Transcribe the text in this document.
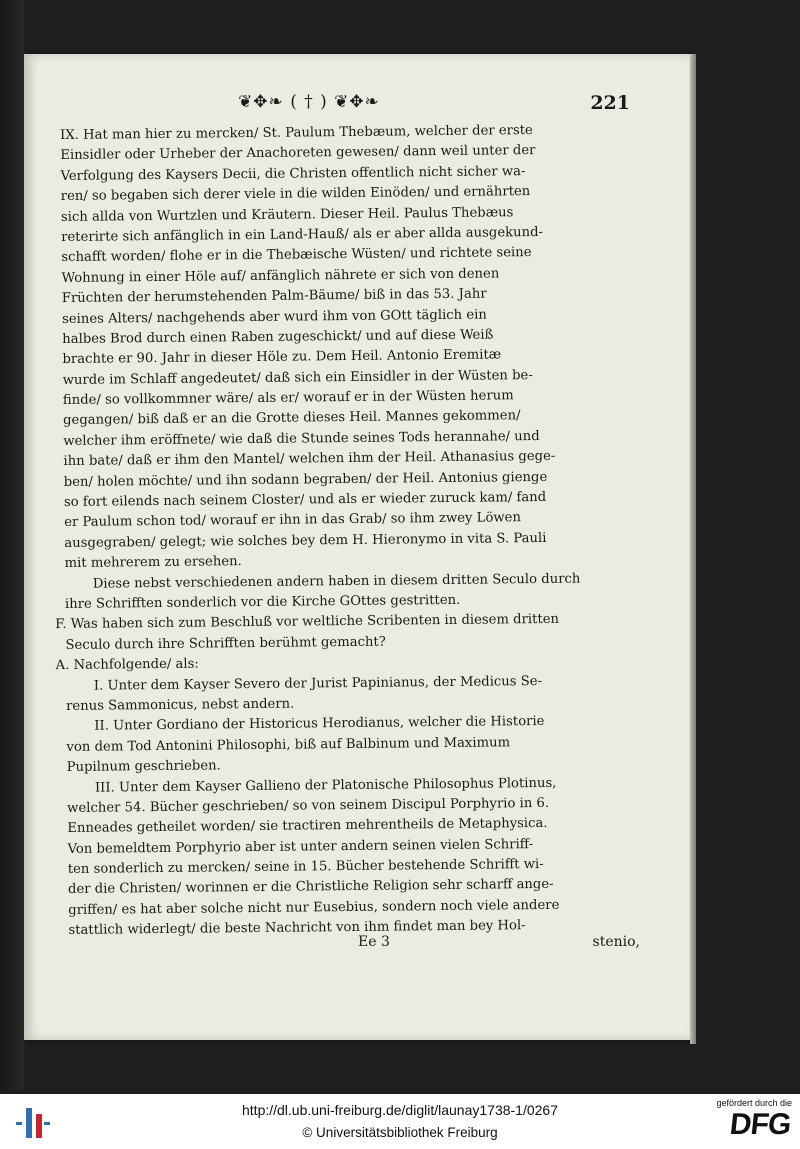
❦✥❧ ( † ) ❦✥❧	221
IX. Hat man hier zu mercken/ St. Paulum Thebæum, welcher der erste
Einsidler oder Urheber der Anachoreten gewesen/ dann weil unter der
Verfolgung des Kaysers Decii, die Christen offentlich nicht sicher wa-
ren/ so begaben sich derer viele in die wilden Einöden/ und ernährten
sich allda von Wurtzlen und Kräutern. Dieser Heil. Paulus Thebæus
reterirte sich anfänglich in ein Land-Hauß/ als er aber allda ausgekund-
schafft worden/ flohe er in die Thebæische Wüsten/ und richtete seine
Wohnung in einer Höle auf/ anfänglich nährete er sich von denen
Früchten der herumstehenden Palm-Bäume/ biß in das 53. Jahr
seines Alters/ nachgehends aber wurd ihm von GOtt täglich ein
halbes Brod durch einen Raben zugeschickt/ und auf diese Weiß
brachte er 90. Jahr in dieser Höle zu. Dem Heil. Antonio Eremitæ
wurde im Schlaff angedeutet/ daß sich ein Einsidler in der Wüsten be-
finde/ so vollkommner wäre/ als er/ worauf er in der Wüsten herum
gegangen/ biß daß er an die Grotte dieses Heil. Mannes gekommen/
welcher ihm eröffnete/ wie daß die Stunde seines Tods herannahe/ und
ihn bate/ daß er ihm den Mantel/ welchen ihm der Heil. Athanasius gege-
ben/ holen möchte/ und ihn sodann begraben/ der Heil. Antonius gienge
so fort eilends nach seinem Closter/ und als er wieder zuruck kam/ fand
er Paulum schon tod/ worauf er ihn in das Grab/ so ihm zwey Löwen
ausgegraben/ gelegt; wie solches bey dem H. Hieronymo in vita S. Pauli
mit mehrerem zu ersehen.
Diese nebst verschiedenen andern haben in diesem dritten Seculo durch
ihre Schrifften sonderlich vor die Kirche GOttes gestritten.
F. Was haben sich zum Beschluß vor weltliche Scribenten in diesem dritten
Seculo durch ihre Schrifften berühmt gemacht?
A. Nachfolgende/ als:
I. Unter dem Kayser Severo der Jurist Papinianus, der Medicus Se-
renus Sammonicus, nebst andern.
II. Unter Gordiano der Historicus Herodianus, welcher die Historie
von dem Tod Antonini Philosophi, biß auf Balbinum und Maximum
Pupilnum geschrieben.
III. Unter dem Kayser Gallieno der Platonische Philosophus Plotinus,
welcher 54. Bücher geschrieben/ so von seinem Discipul Porphyrio in 6.
Enneades getheilet worden/ sie tractiren mehrentheils de Metaphysica.
Von bemeldtem Porphyrio aber ist unter andern seinen vielen Schriff-
ten sonderlich zu mercken/ seine in 15. Bücher bestehende Schrifft wi-
der die Christen/ worinnen er die Christliche Religion sehr scharff ange-
griffen/ es hat aber solche nicht nur Eusebius, sondern noch viele andere
stattlich widerlegt/ die beste Nachricht von ihm findet man bey Hol-
Ee 3	stenio,
http://dl.ub.uni-freiburg.de/diglit/launay1738-1/0267
© Universitätsbibliothek Freiburg
gefördert durch die
DFG
